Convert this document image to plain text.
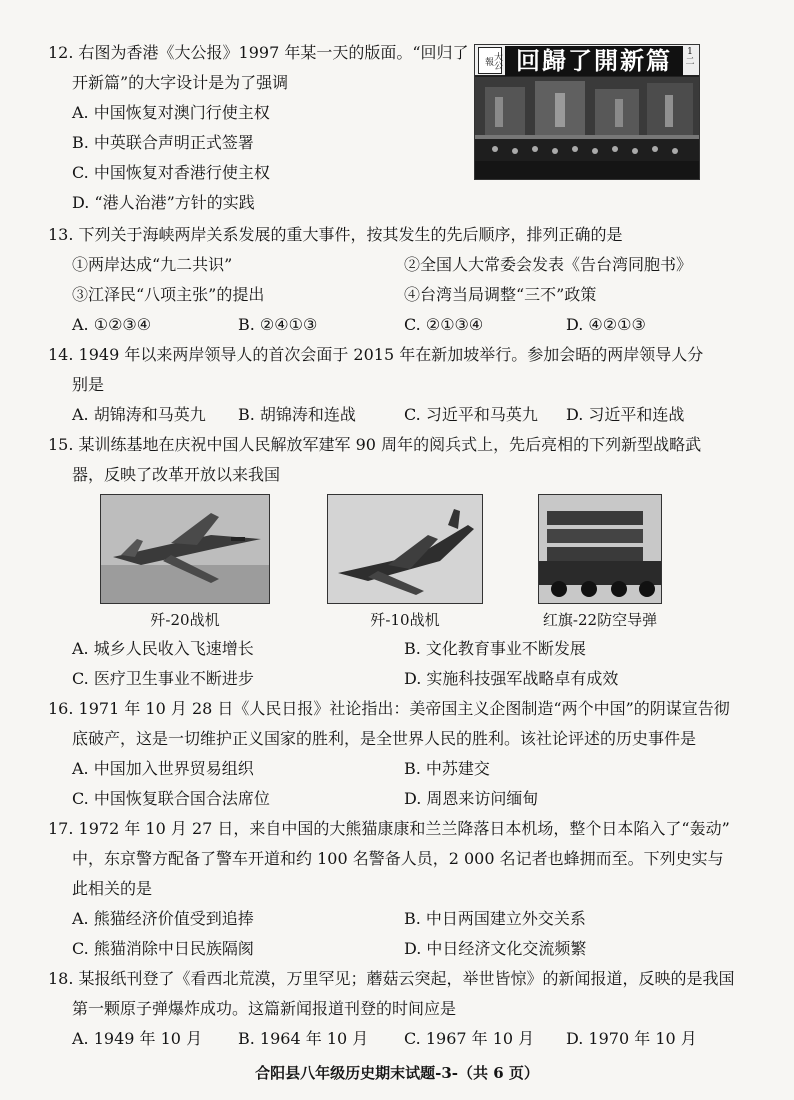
12. 右图为香港《大公报》1997 年某一天的版面。“回归了
开新篇”的大字设计是为了强调
A. 中国恢复对澳门行使主权
B. 中英联合声明正式签署
C. 中国恢复对香港行使主权
D. “港人治港”方针的实践
大公報 回歸了開新篇	1 二
13. 下列关于海峡两岸关系发展的重大事件，按其发生的先后顺序，排列正确的是
①两岸达成“九二共识”	②全国人大常委会发表《告台湾同胞书》
③江泽民“八项主张”的提出	④台湾当局调整“三不”政策
A. ①②③④	B. ②④①③	C. ②①③④	D. ④②①③
14. 1949 年以来两岸领导人的首次会面于 2015 年在新加坡举行。参加会晤的两岸领导人分
别是
A. 胡锦涛和马英九 B. 胡锦涛和连战	C. 习近平和马英九 D. 习近平和连战
15. 某训练基地在庆祝中国人民解放军建军 90 周年的阅兵式上，先后亮相的下列新型战略武
器，反映了改革开放以来我国
歼-20战机	歼-10战机	红旗-22防空导弹
A. 城乡人民收入飞速增长	B. 文化教育事业不断发展
C. 医疗卫生事业不断进步	D. 实施科技强军战略卓有成效
16. 1971 年 10 月 28 日《人民日报》社论指出：美帝国主义企图制造“两个中国”的阴谋宣告彻
底破产，这是一切维护正义国家的胜利，是全世界人民的胜利。该社论评述的历史事件是
A. 中国加入世界贸易组织	B. 中苏建交
C. 中国恢复联合国合法席位	D. 周恩来访问缅甸
17. 1972 年 10 月 27 日，来自中国的大熊猫康康和兰兰降落日本机场，整个日本陷入了“轰动”
中，东京警方配备了警车开道和约 100 名警备人员，2 000 名记者也蜂拥而至。下列史实与
此相关的是
A. 熊猫经济价值受到追捧	B. 中日两国建立外交关系
C. 熊猫消除中日民族隔阂	D. 中日经济文化交流频繁
18. 某报纸刊登了《看西北荒漠，万里罕见；蘑菇云突起，举世皆惊》的新闻报道，反映的是我国
第一颗原子弹爆炸成功。这篇新闻报道刊登的时间应是
A. 1949 年 10 月 B. 1964 年 10 月 C. 1967 年 10 月 D. 1970 年 10 月
合阳县八年级历史期末试题-3-（共 6 页）
